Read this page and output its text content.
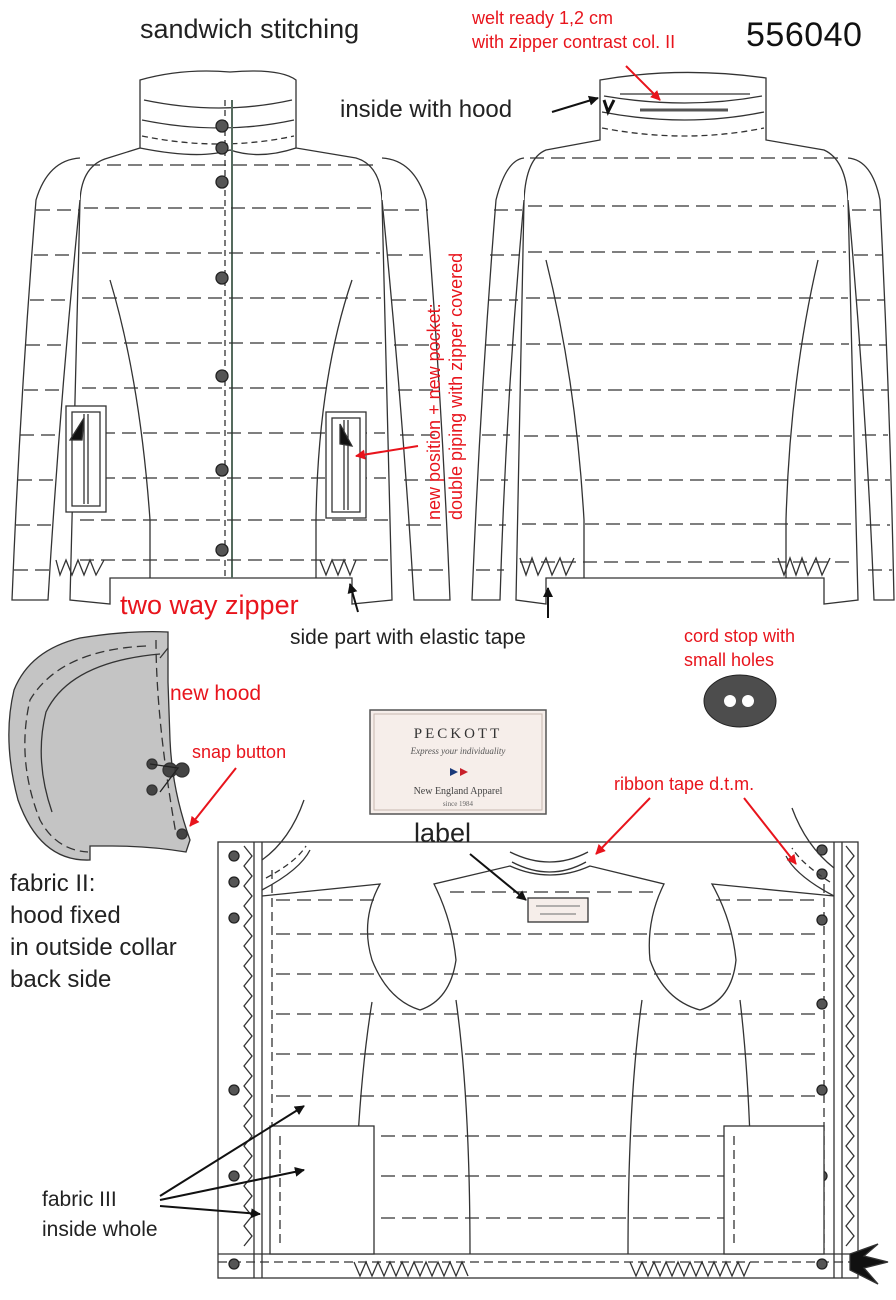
PECKOTT
Express your individuality
New England Apparel
since 1984
sandwich stitching	welt ready 1,2 cm
with zipper contrast col. II 556040
inside with hood
new position + new pocket: double piping with zipper covered
two way zipper
side part with elastic tape	cord stop with
small holes
new hood
snap button
ribbon tape d.t.m.
label
fabric II:
hood fixed
in outside collar
back side
fabric III
inside whole
